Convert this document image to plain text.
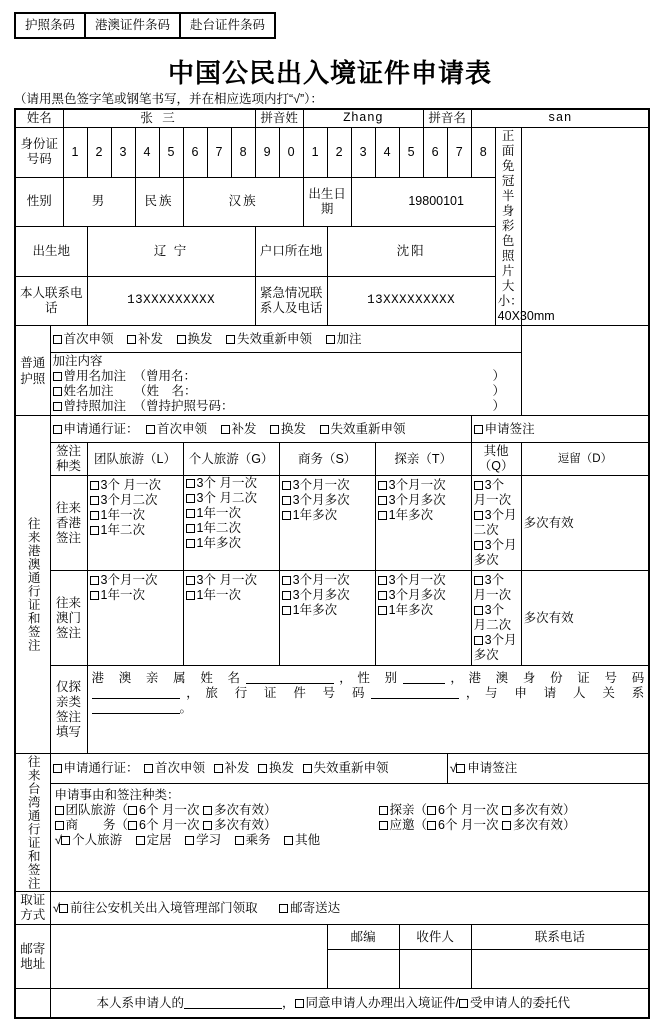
护照条码	港澳证件条码	赴台证件条码
中国公民出入境证件申请表
（请用黑色签字笔或钢笔书写，并在相应选项内打“√”）：
姓名		张 三								拼音姓		Zhang					拼音名		san		
身份证号码		1	2	3	4	5	6	7	8	9	0	1	2	3	4	5	6	7	8	正面免冠半身
彩色照片
大小：40X30mm	

性别		男			民族		汉族					出生日期		19800101							
出生地			辽 宁							户口所在地			沈阳								
本人联系电话			13XXXXXXXXX							紧急情况联系人及电话			13XXXXXXXXX								

普通护照	首次申领 补发 换发 失效重新申领 加注																				

加注内容
曾用名加注 （曾用名：	）
姓名加注 （姓　名：	）
曾持照加注 （曾持护照号码：	）

往来港澳通行证和签注	申请通行证： 首次申领 补发 换发 失效重新申领																		申请签注		
	签注种类		团队旅游（L）				个人旅游（G）				商务（S）				探亲（T）				其他（Q）		逗留（D）
往来香港签注	
3个 月一次
3个月二次
1年一次
1年二次

3个 月一次
3个 月二次
1年一次
1年二次
1年多次

3个月一次
3个月多次
1年多次

3个月一次
3个月多次
1年多次

3个 月一次
3个月二次
3个月多次
	多次有效
往来澳门签注	
3个月一次
1年一次

3个 月一次
1年一次

3个月一次
3个月多次
1年多次

3个月一次
3个月多次
1年多次

3个 月一次
3个 月二次
3个月多次
	多次有效
	仅探亲类签注填写		港 澳 亲 属 姓 名 ，性 别 ，港 澳 身 份 证 号 码
，旅 行 证 件 号 码 ，与 申 请 人 关 系
。																		

往来台湾通行证和签注	申请通行证： 首次申领 补发 换发 失效重新申领																	√ 申请签注			

申请事由和签注种类：
团队旅游（ 6个 月一次 多次有效）	探亲（ 6个 月一次 多次有效）
商　　务（ 6个 月一次 多次有效）	应邀（ 6个 月一次 多次有效）
√ 个人旅游 定居 学习 乘务 其他

取证方式	√ 前往公安机关出入境管理部门领取 邮寄送达																				
邮寄地址													邮编			收件人			联系电话		

	本人系申请人的 ， 同意申请人办理出入境证件/ 受申请人的委托代																				
